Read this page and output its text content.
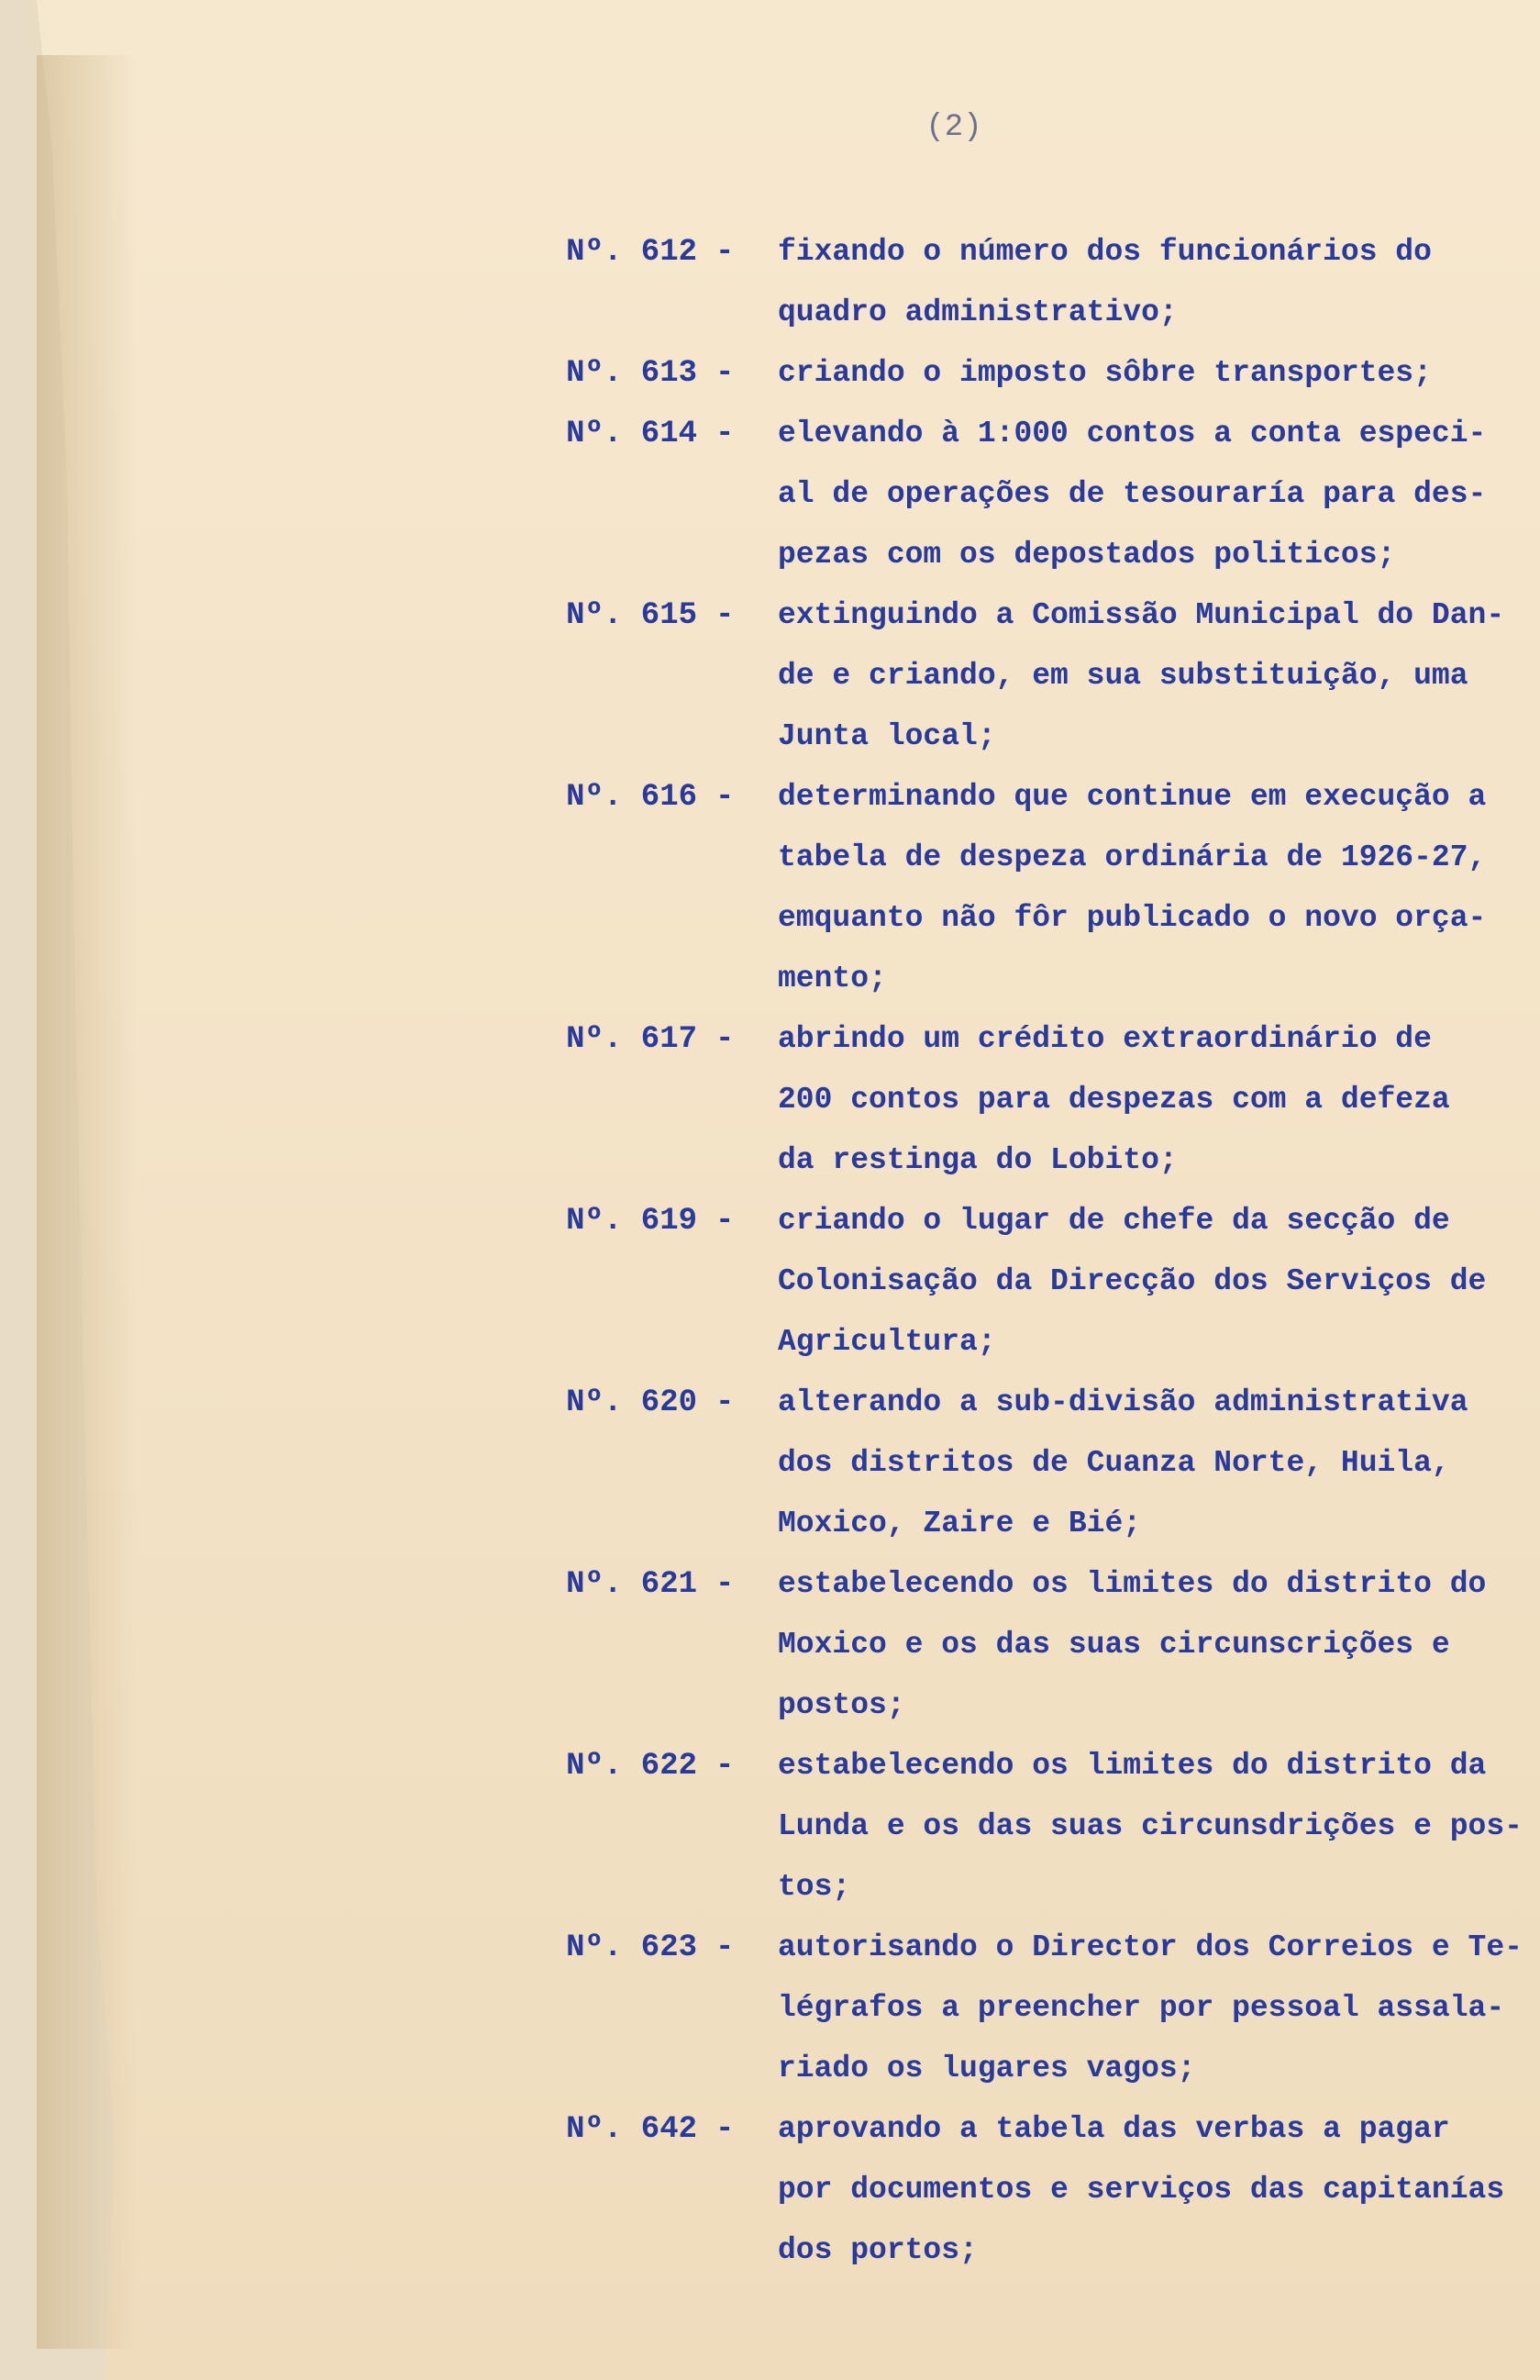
(2)
Nº. 612 -	fixando o número dos funcionários do
quadro administrativo;
Nº. 613 -	criando o imposto sôbre transportes;
Nº. 614 -	elevando à 1:000 contos a conta especi-
al de operações de tesouraría para des-
pezas com os depostados politicos;
Nº. 615 -	extinguindo a Comissão Municipal do Dan-
de e criando, em sua substituição, uma
Junta local;
Nº. 616 -	determinando que continue em execução a
tabela de despeza ordinária de 1926-27,
emquanto não fôr publicado o novo orça-
mento;
Nº. 617 -	abrindo um crédito extraordinário de
200 contos para despezas com a defeza
da restinga do Lobito;
Nº. 619 -	criando o lugar de chefe da secção de
Colonisação da Direcção dos Serviços de
Agricultura;
Nº. 620 -	alterando a sub-divisão administrativa
dos distritos de Cuanza Norte, Huila,
Moxico, Zaire e Bié;
Nº. 621 -	estabelecendo os limites do distrito do
Moxico e os das suas circunscrições e
postos;
Nº. 622 -	estabelecendo os limites do distrito da
Lunda e os das suas circunsdrições e pos-
tos;
Nº. 623 -	autorisando o Director dos Correios e Te-
légrafos a preencher por pessoal assala-
riado os lugares vagos;
Nº. 642 -	aprovando a tabela das verbas a pagar
por documentos e serviços das capitanías
dos portos;
